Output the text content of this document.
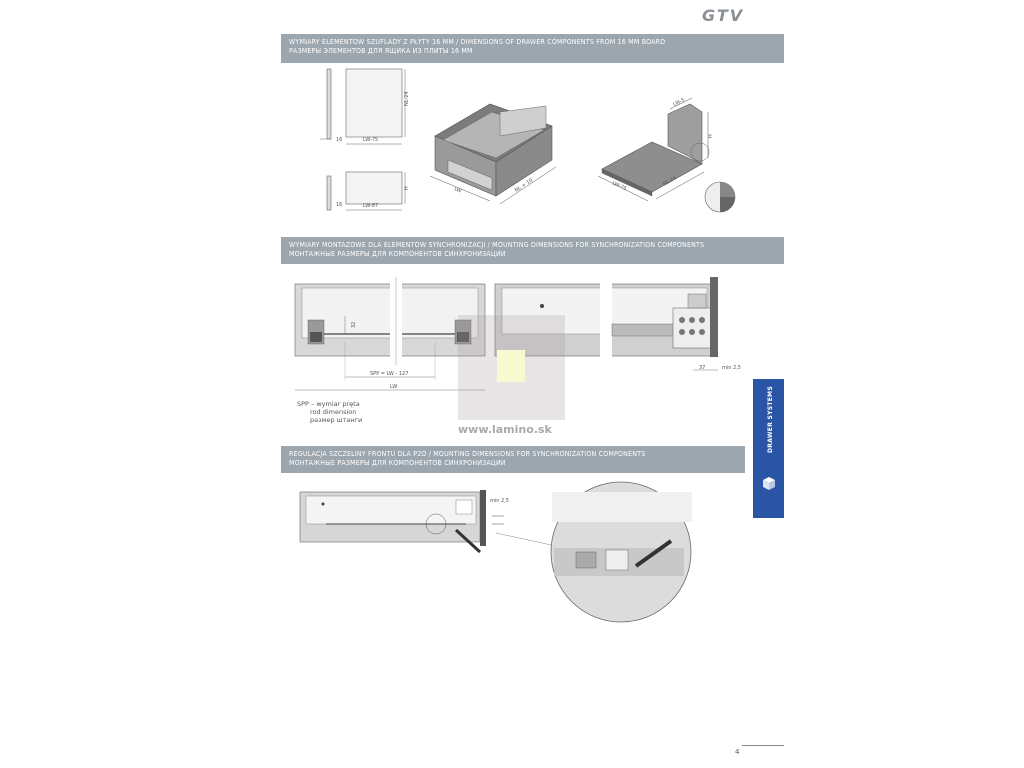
GTV
WYMIARY ELEMENTÓW SZUFLADY Z PŁYTY 16 MM / DIMENSIONS OF DRAWER COMPONENTS FROM 16 MM BOARD
РАЗМЕРЫ ЭЛЕМЕНТОВ ДЛЯ ЯЩИКА ИЗ ПЛИТЫ 16 ММ
16	LW-75
NL-24
16	LW-87
H	LW	NL + 10	LW-75	NL-24
LW-5
H
WYMIARY MONTAŻOWE DLA ELEMENTÓW SYNCHRONIZACJI / MOUNTING DIMENSIONS FOR SYNCHRONIZATION COMPONENTS
МОНТАЖНЫЕ РАЗМЕРЫ ДЛЯ КОМПОНЕНТОВ СИНХРОНИЗАЦИИ
32
SPP = LW - 127
LW
37	min 2,5
www.lamino.sk
SPP – wymiar pręta
rod dimension
размер штанги
REGULACJA SZCZELINY FRONTU DLA P2O / MOUNTING DIMENSIONS FOR SYNCHRONIZATION COMPONENTS
МОНТАЖНЫЕ РАЗМЕРЫ ДЛЯ КОМПОНЕНТОВ СИНХРОНИЗАЦИИ
min 2,5
DRAWER SYSTEMS
4
